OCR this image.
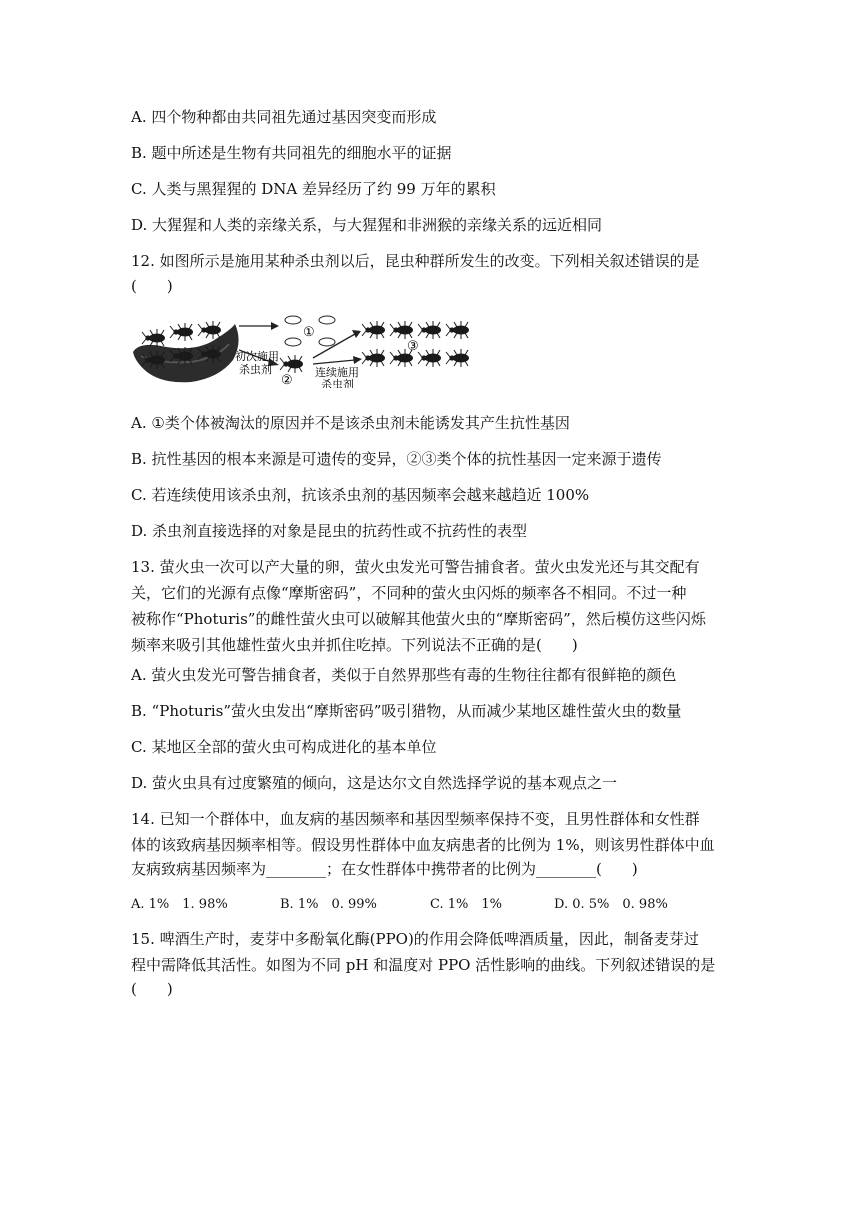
A. 四个物种都由共同祖先通过基因突变而形成
B. 题中所述是生物有共同祖先的细胞水平的证据
C. 人类与黑猩猩的 DNA 差异经历了约 99 万年的累积
D. 大猩猩和人类的亲缘关系，与大猩猩和非洲猴的亲缘关系的远近相同
12. 如图所示是施用某种杀虫剂以后，昆虫种群所发生的改变。下列相关叙述错误的是
(　　)
①
初次施用
杀虫剂
②
连续施用
杀虫剂
③
A. ①类个体被淘汰的原因并不是该杀虫剂未能诱发其产生抗性基因
B. 抗性基因的根本来源是可遗传的变异，②③类个体的抗性基因一定来源于遗传
C. 若连续使用该杀虫剂，抗该杀虫剂的基因频率会越来越趋近 100%
D. 杀虫剂直接选择的对象是昆虫的抗药性或不抗药性的表型
13. 萤火虫一次可以产大量的卵，萤火虫发光可警告捕食者。萤火虫发光还与其交配有
关，它们的光源有点像“摩斯密码”，不同种的萤火虫闪烁的频率各不相同。不过一种
被称作“Photuris”的雌性萤火虫可以破解其他萤火虫的“摩斯密码”，然后模仿这些闪烁
频率来吸引其他雄性萤火虫并抓住吃掉。下列说法不正确的是(　　)
A. 萤火虫发光可警告捕食者，类似于自然界那些有毒的生物往往都有很鲜艳的颜色
B. “Photuris”萤火虫发出“摩斯密码”吸引猎物，从而减少某地区雄性萤火虫的数量
C. 某地区全部的萤火虫可构成进化的基本单位
D. 萤火虫具有过度繁殖的倾向，这是达尔文自然选择学说的基本观点之一
14. 已知一个群体中，血友病的基因频率和基因型频率保持不变，且男性群体和女性群
体的该致病基因频率相等。假设男性群体中血友病患者的比例为 1%，则该男性群体中血
友病致病基因频率为________；在女性群体中携带者的比例为________(　　)
A. 1%　1. 98%	B. 1%　0. 99%	C. 1%　1%	D. 0. 5%　0. 98%
15. 啤酒生产时，麦芽中多酚氧化酶(PPO)的作用会降低啤酒质量，因此，制备麦芽过
程中需降低其活性。如图为不同 pH 和温度对 PPO 活性影响的曲线。下列叙述错误的是
(　　)
